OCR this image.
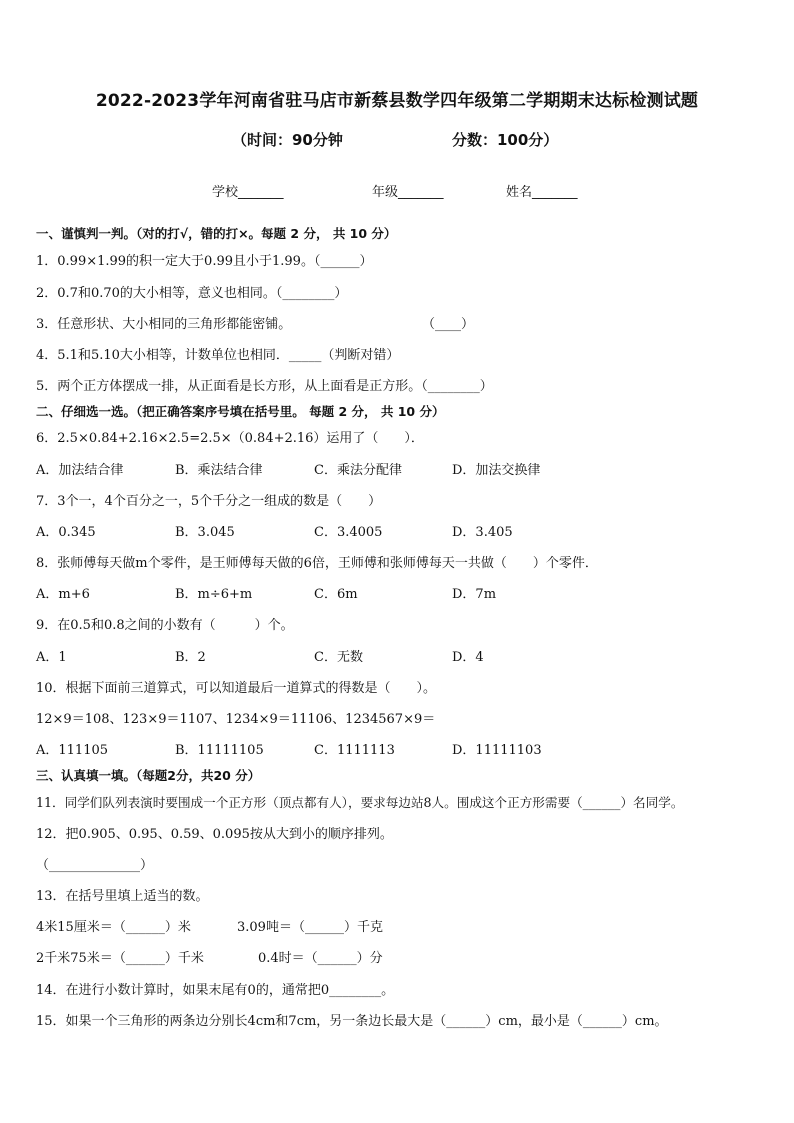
2022-2023学年河南省驻马店市新蔡县数学四年级第二学期期末达标检测试题
（时间：90分钟	分数：100分）
学校_______	年级_______	姓名_______
一、谨慎判一判。（对的打√，错的打×。每题 2 分， 共 10 分）
1．0.99×1.99的积一定大于0.99且小于1.99。（______）
2．0.7和0.70的大小相等，意义也相同。（________）
3．任意形状、大小相同的三角形都能密铺。	（____）
4．5.1和5.10大小相等，计数单位也相同．_____（判断对错）
5．两个正方体摆成一排，从正面看是长方形，从上面看是正方形。（________）
二、仔细选一选。（把正确答案序号填在括号里。 每题 2 分， 共 10 分）
6．2.5×0.84+2.16×2.5=2.5×（0.84+2.16）运用了（　　）．
A．加法结合律	B．乘法结合律	C．乘法分配律	D．加法交换律
7．3个一，4个百分之一，5个千分之一组成的数是（　　）
A．0.345	B．3.045	C．3.4005	D．3.405
8．张师傅每天做m个零件，是王师傅每天做的6倍，王师傅和张师傅每天一共做（　　）个零件．
A．m+6	B．m÷6+m	C．6m	D．7m
9．在0.5和0.8之间的小数有（　　　）个。
A．1	B．2	C．无数	D．4
10．根据下面前三道算式，可以知道最后一道算式的得数是（　　）。
12×9＝108、123×9＝1107、1234×9＝11106、1234567×9＝
A．111105	B．11111105	C．1111113	D．11111103
三、认真填一填。（每题2分，共20 分）
11．同学们队列表演时要围成一个正方形（顶点都有人），要求每边站8人。围成这个正方形需要（______）名同学。
12．把0.905、0.95、0.59、0.095按从大到小的顺序排列。
（______________）
13．在括号里填上适当的数。
4米15厘米＝（______）米	3.09吨＝（______）千克
2千米75米＝（______）千米	0.4时＝（______）分
14．在进行小数计算时，如果末尾有0的，通常把0________。
15．如果一个三角形的两条边分别长4cm和7cm，另一条边长最大是（______）cm，最小是（______）cm。
